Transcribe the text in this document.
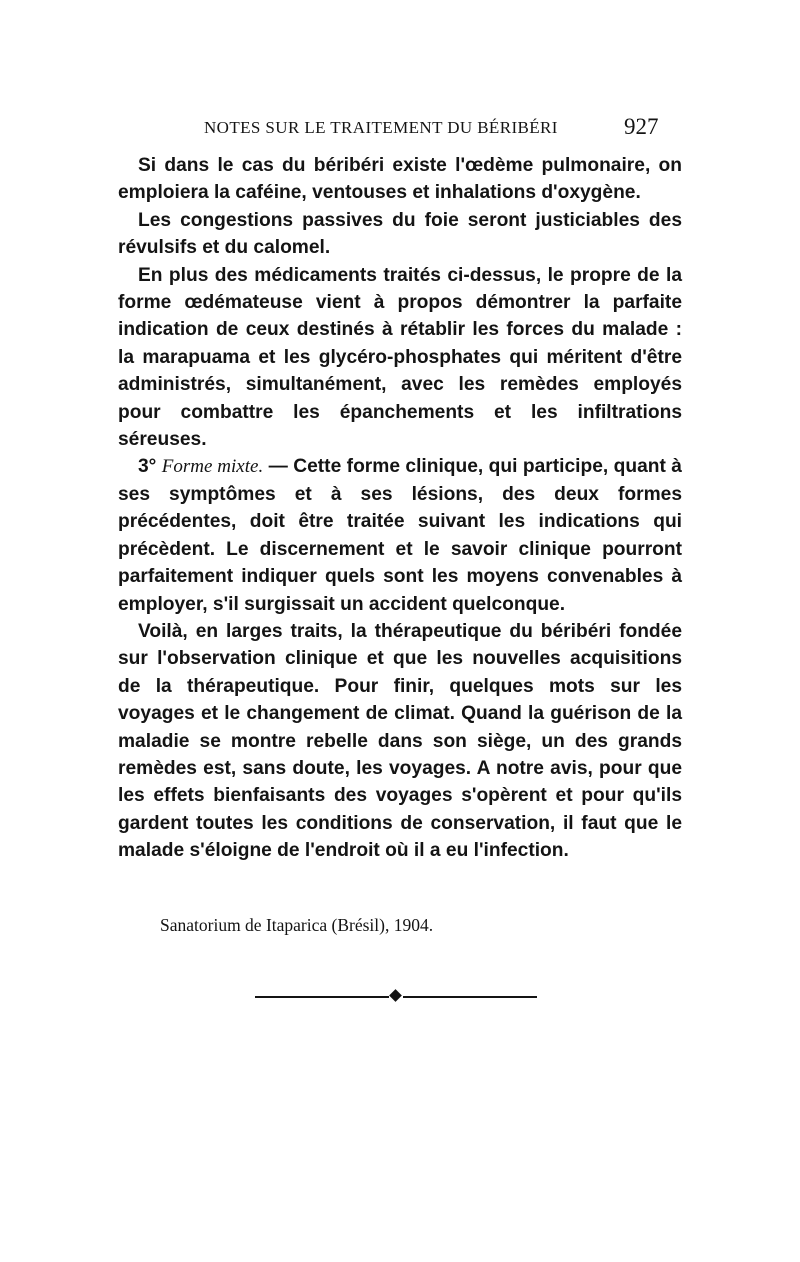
NOTES SUR LE TRAITEMENT DU BÉRIBÉRI	927

Si dans le cas du béribéri existe l'œdème pulmonaire, on emploiera la caféine, ventouses et inhalations d'oxygène.

Les congestions passives du foie seront justiciables des révulsifs et du calomel.

En plus des médicaments traités ci-dessus, le propre de la forme œdémateuse vient à propos démontrer la parfaite indication de ceux destinés à rétablir les forces du malade : la marapuama et les glycéro-phosphates qui méritent d'être administrés, simultanément, avec les remèdes employés pour combattre les épanchements et les infiltrations séreuses.

3° Forme mixte. — Cette forme clinique, qui participe, quant à ses symptômes et à ses lésions, des deux formes précédentes, doit être traitée suivant les indications qui précèdent. Le discernement et le savoir clinique pourront parfaitement indiquer quels sont les moyens convenables à employer, s'il surgissait un accident quelconque.

Voilà, en larges traits, la thérapeutique du béribéri fondée sur l'observation clinique et que les nouvelles acquisitions de la thérapeutique. Pour finir, quelques mots sur les voyages et le changement de climat. Quand la guérison de la maladie se montre rebelle dans son siège, un des grands remèdes est, sans doute, les voyages. A notre avis, pour que les effets bienfaisants des voyages s'opèrent et pour qu'ils gardent toutes les conditions de conservation, il faut que le malade s'éloigne de l'endroit où il a eu l'infection.

Sanatorium de Itaparica (Brésil), 1904.
